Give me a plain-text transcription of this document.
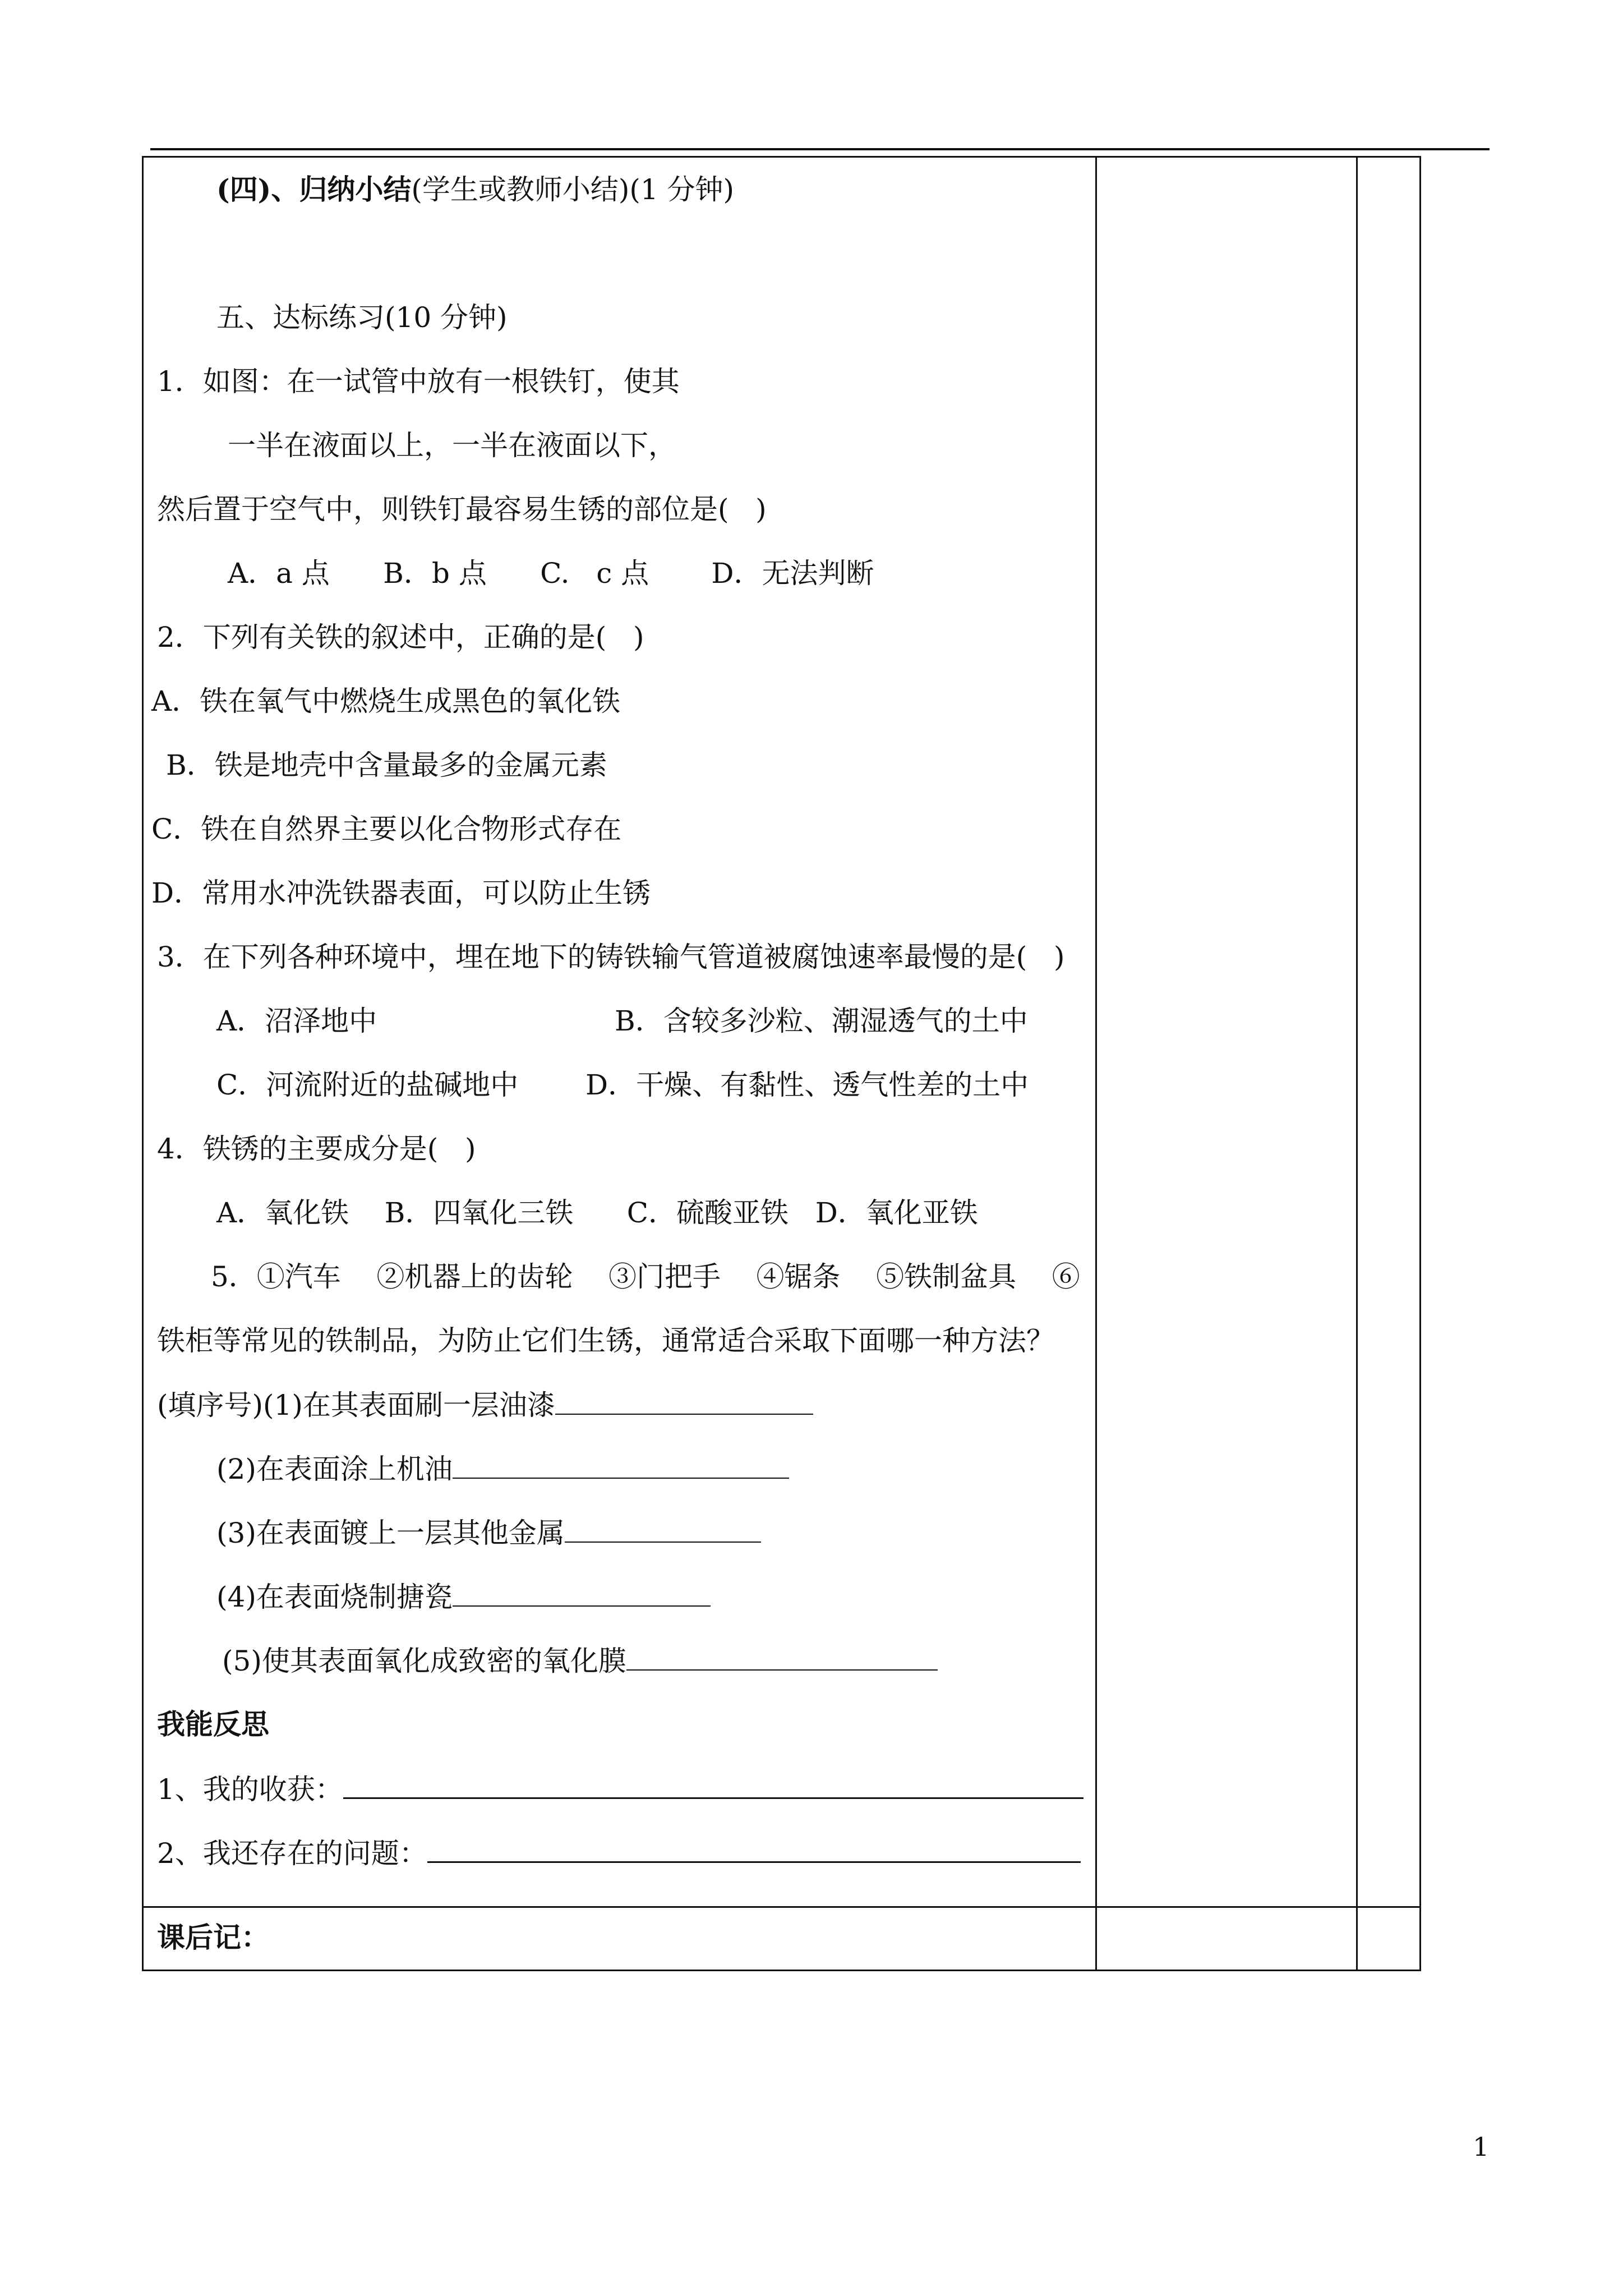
(四)、归纳小结(学生或教师小结)(1 分钟)
五、达标练习(10 分钟)
1．如图：在一试管中放有一根铁钉，使其
一半在液面以上，一半在液面以下，
然后置于空气中，则铁钉最容易生锈的部位是(   )
A．a 点      B．b 点      C.   c 点       D．无法判断
2．下列有关铁的叙述中，正确的是(   )
A．铁在氧气中燃烧生成黑色的氧化铁
B．铁是地壳中含量最多的金属元素
C．铁在自然界主要以化合物形式存在
D．常用水冲洗铁器表面，可以防止生锈
3．在下列各种环境中，埋在地下的铸铁输气管道被腐蚀速率最慢的是(   )
A．沼泽地中	B．含较多沙粒、潮湿透气的土中
C．河流附近的盐碱地中 D．干燥、有黏性、透气性差的土中
4．铁锈的主要成分是(   )
A．氧化铁    B．四氧化三铁      C．硫酸亚铁   D．氧化亚铁
5．①汽车    ②机器上的齿轮    ③门把手    ④锯条    ⑤铁制盆具    ⑥
铁柜等常见的铁制品，为防止它们生锈，通常适合采取下面哪一种方法？
(填序号)(1)在其表面刷一层油漆
(2)在表面涂上机油
(3)在表面镀上一层其他金属
(4)在表面烧制搪瓷
(5)使其表面氧化成致密的氧化膜
我能反思
1、我的收获：
2、我还存在的问题：
课后记：
1
